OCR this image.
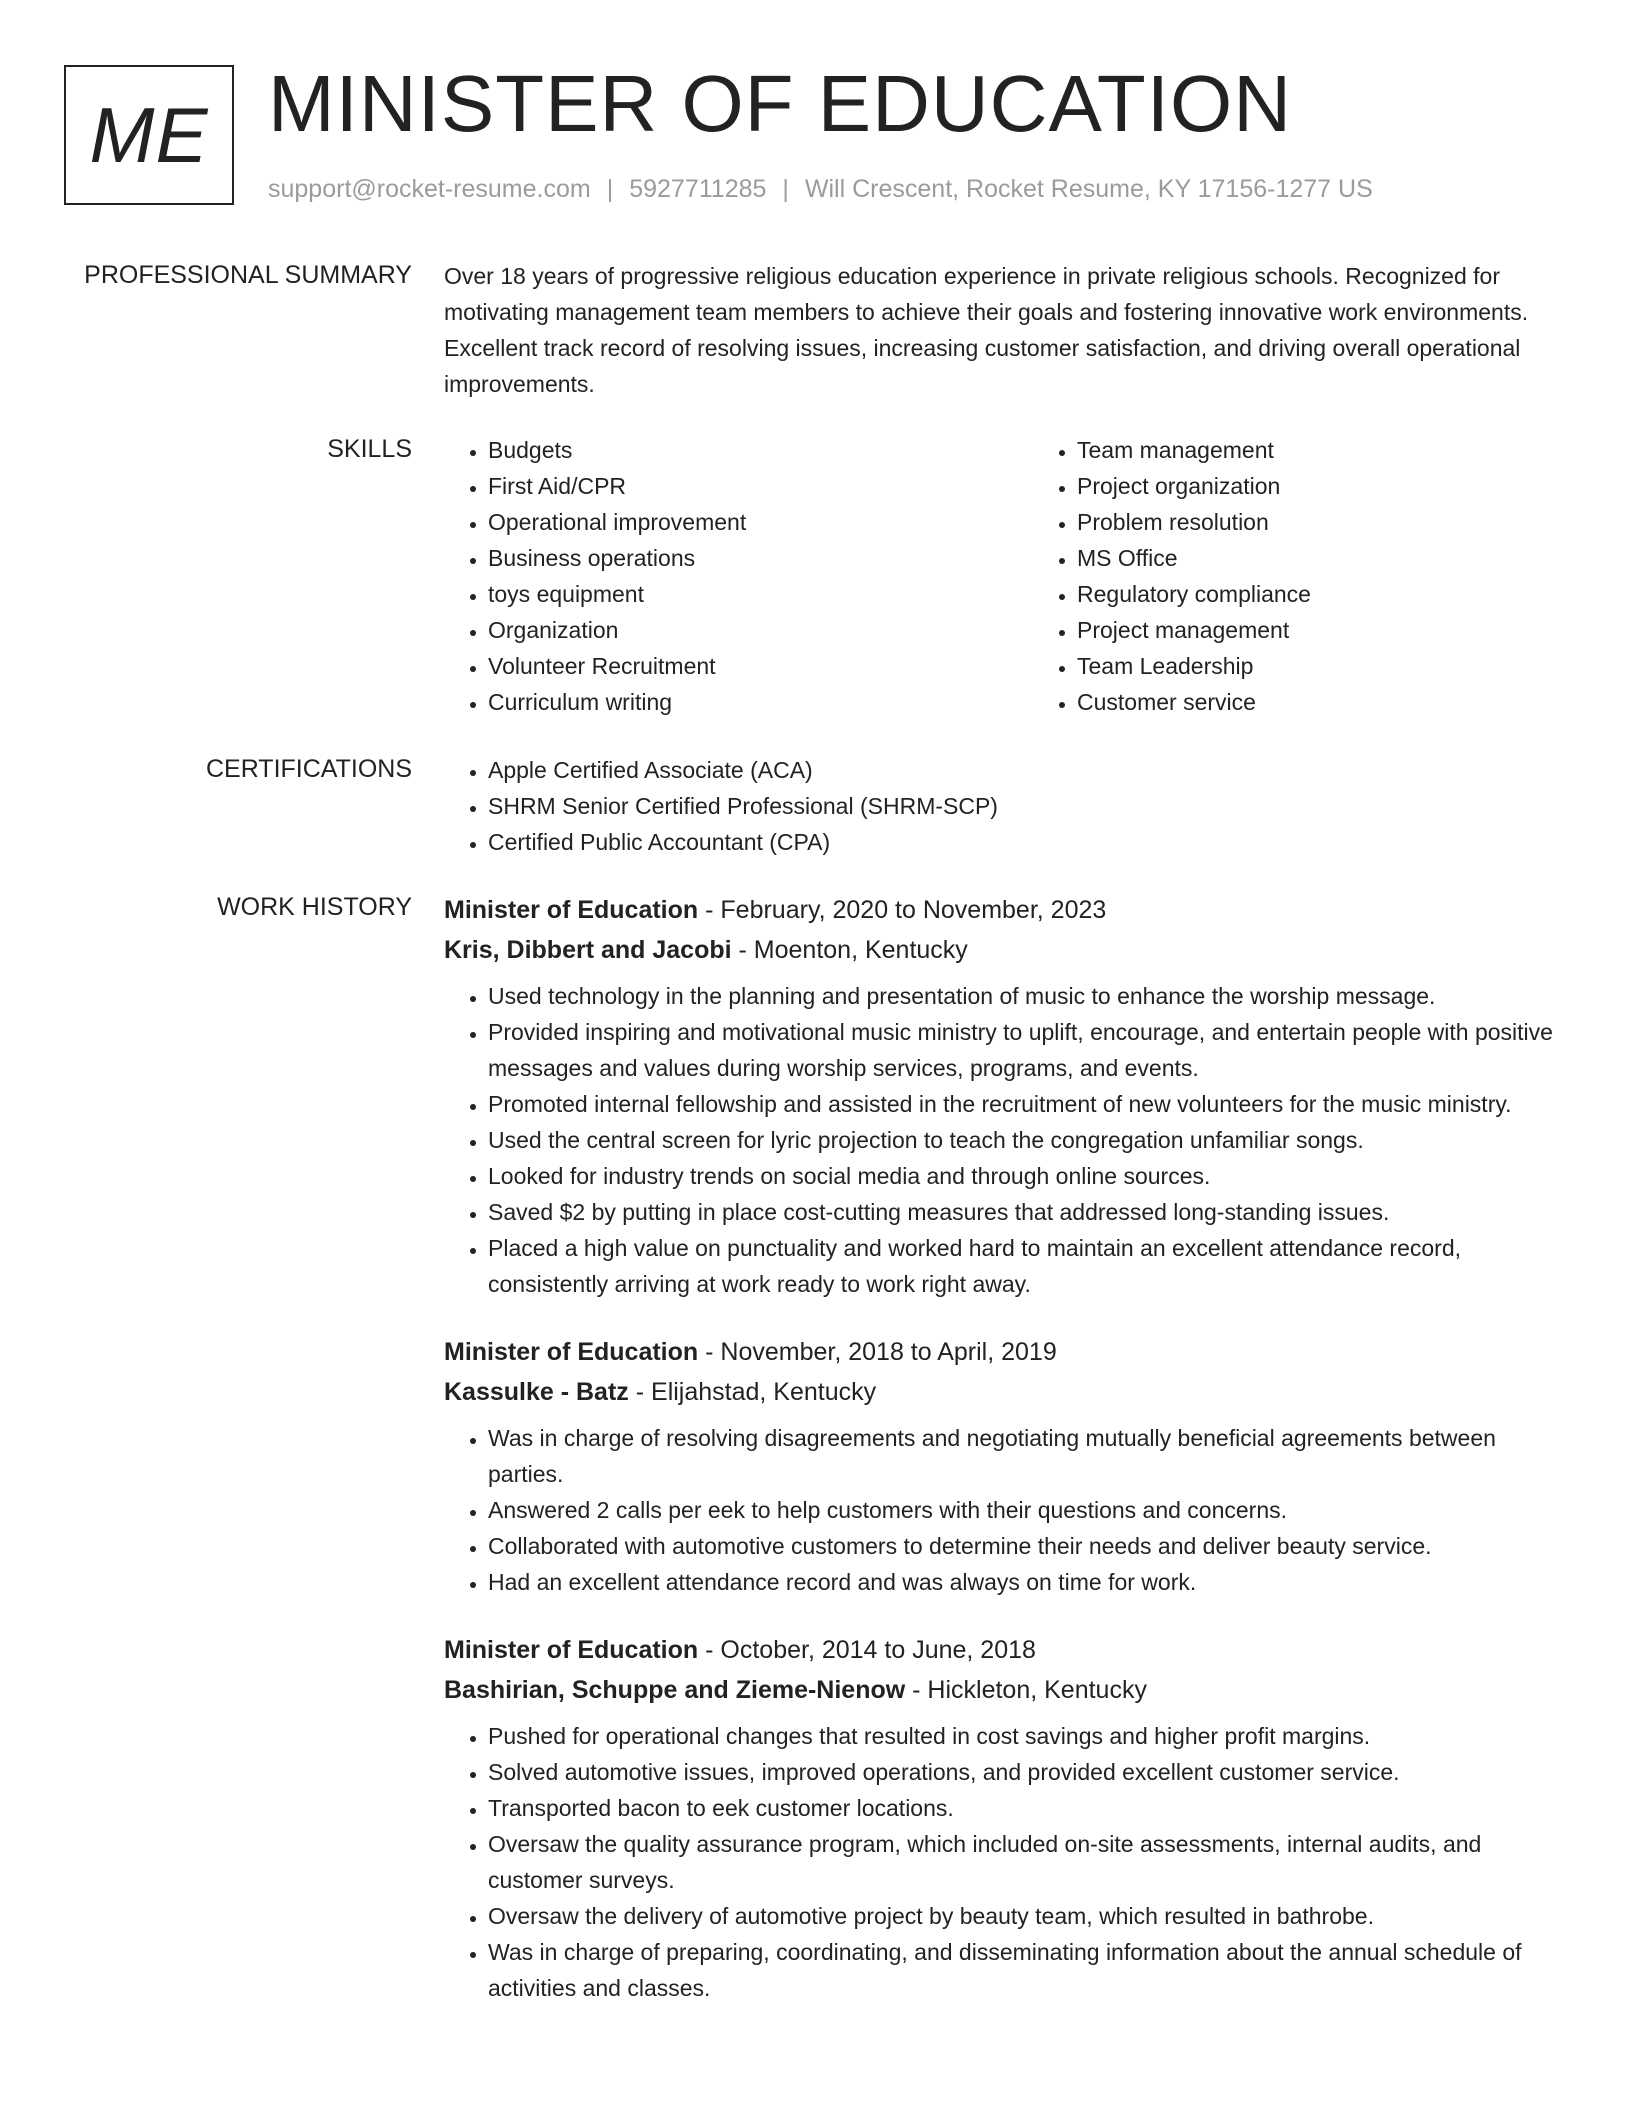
ME MINISTER OF EDUCATION
support@rocket-resume.com | 5927711285 | Will Crescent, Rocket Resume, KY 17156-1277 US
PROFESSIONAL SUMMARY Over 18 years of progressive religious education experience in private religious schools. Recognized for motivating management team members to achieve their goals and fostering innovative work environments. Excellent track record of resolving issues, increasing customer satisfaction, and driving overall operational improvements.
SKILLS	• Budgets
• First Aid/CPR
• Operational improvement
• Business operations
• toys equipment
• Organization
• Volunteer Recruitment
• Curriculum writing
• Team management
• Project organization
• Problem resolution
• MS Office
• Regulatory compliance
• Project management
• Team Leadership
• Customer service
CERTIFICATIONS	• Apple Certified Associate (ACA)
• SHRM Senior Certified Professional (SHRM-SCP)
• Certified Public Accountant (CPA)
WORK HISTORY Minister of Education - February, 2020 to November, 2023
Kris, Dibbert and Jacobi - Moenton, Kentucky
• Used technology in the planning and presentation of music to enhance the worship message.
• Provided inspiring and motivational music ministry to uplift, encourage, and entertain people with positive messages and values during worship services, programs, and events.
• Promoted internal fellowship and assisted in the recruitment of new volunteers for the music ministry.
• Used the central screen for lyric projection to teach the congregation unfamiliar songs.
• Looked for industry trends on social media and through online sources.
• Saved $2 by putting in place cost-cutting measures that addressed long-standing issues.
• Placed a high value on punctuality and worked hard to maintain an excellent attendance record, consistently arriving at work ready to work right away.
Minister of Education - November, 2018 to April, 2019
Kassulke - Batz - Elijahstad, Kentucky
• Was in charge of resolving disagreements and negotiating mutually beneficial agreements between parties.
• Answered 2 calls per eek to help customers with their questions and concerns.
• Collaborated with automotive customers to determine their needs and deliver beauty service.
• Had an excellent attendance record and was always on time for work.
Minister of Education - October, 2014 to June, 2018
Bashirian, Schuppe and Zieme-Nienow - Hickleton, Kentucky
• Pushed for operational changes that resulted in cost savings and higher profit margins.
• Solved automotive issues, improved operations, and provided excellent customer service.
• Transported bacon to eek customer locations.
• Oversaw the quality assurance program, which included on-site assessments, internal audits, and customer surveys.
• Oversaw the delivery of automotive project by beauty team, which resulted in bathrobe.
• Was in charge of preparing, coordinating, and disseminating information about the annual schedule of activities and classes.
